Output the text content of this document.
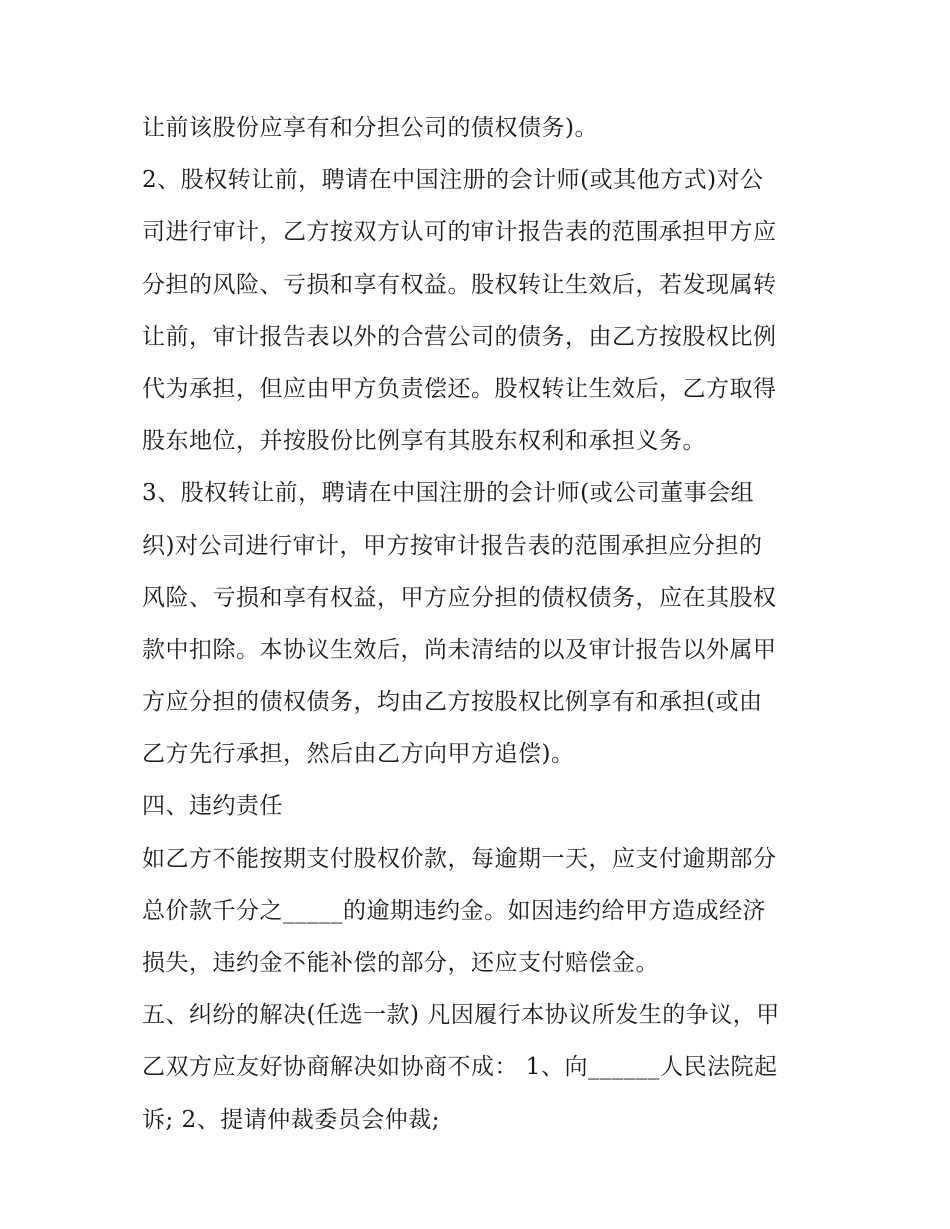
让前该股份应享有和分担公司的债权债务)。
2、股权转让前，聘请在中国注册的会计师(或其他方式)对公
司进行审计，乙方按双方认可的审计报告表的范围承担甲方应
分担的风险、亏损和享有权益。股权转让生效后，若发现属转
让前，审计报告表以外的合营公司的债务，由乙方按股权比例
代为承担，但应由甲方负责偿还。股权转让生效后，乙方取得
股东地位，并按股份比例享有其股东权利和承担义务。
3、股权转让前，聘请在中国注册的会计师(或公司董事会组
织)对公司进行审计，甲方按审计报告表的范围承担应分担的
风险、亏损和享有权益，甲方应分担的债权债务，应在其股权
款中扣除。本协议生效后，尚未清结的以及审计报告以外属甲
方应分担的债权债务，均由乙方按股权比例享有和承担(或由
乙方先行承担，然后由乙方向甲方追偿)。
四、违约责任
如乙方不能按期支付股权价款，每逾期一天，应支付逾期部分
总价款千分之_____的逾期违约金。如因违约给甲方造成经济
损失，违约金不能补偿的部分，还应支付赔偿金。
五、纠纷的解决(任选一款) 凡因履行本协议所发生的争议，甲
乙双方应友好协商解决如协商不成： 1、向______人民法院起
诉; 2、提请仲裁委员会仲裁;
